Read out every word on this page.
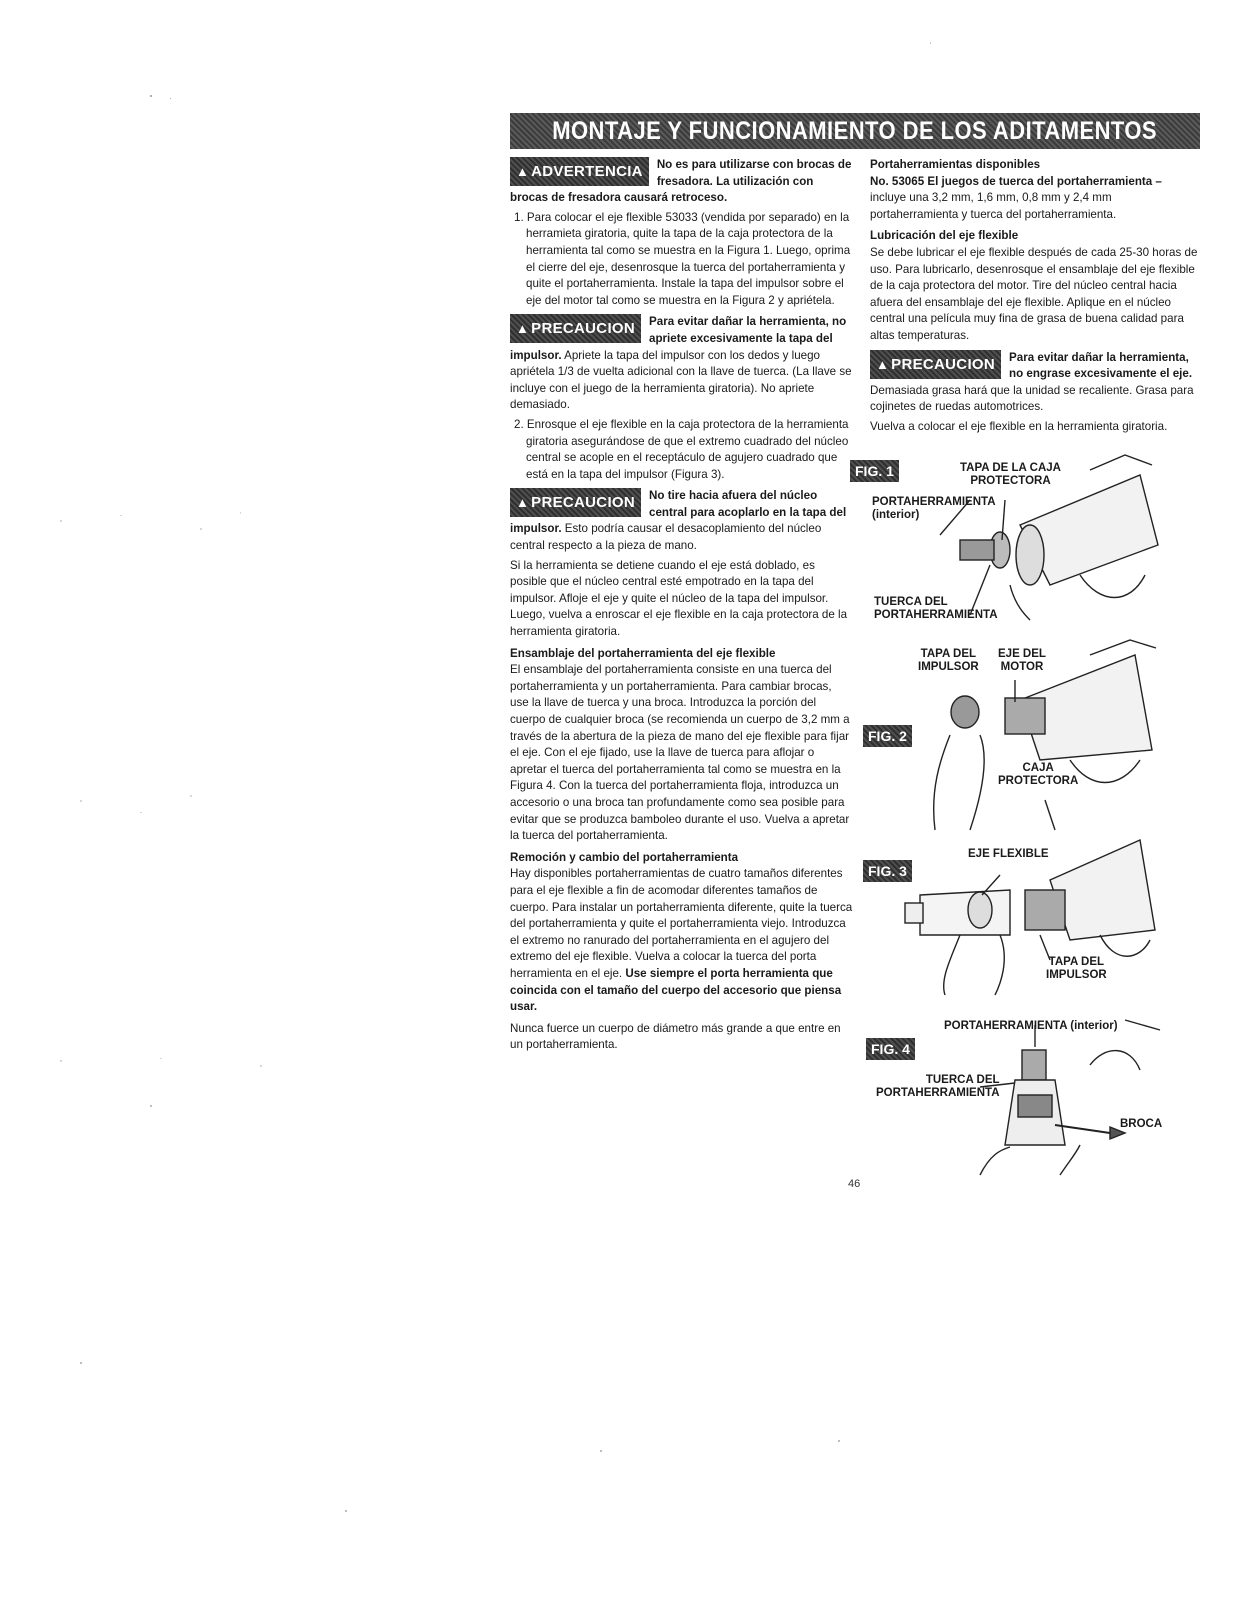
MONTAJE Y FUNCIONAMIENTO DE LOS ADITAMENTOS
▲ ADVERTENCIA	No es para utilizarse con brocas de fresadora. La utilización con brocas de fresadora causará retroceso.
1. Para colocar el eje flexible 53033 (vendida por separado) en la herramieta giratoria, quite la tapa de la caja protectora de la herramienta tal como se muestra en la Figura 1. Luego, oprima el cierre del eje, desenrosque la tuerca del portaherramienta y quite el portaherramienta. Instale la tapa del impulsor sobre el eje del motor tal como se muestra en la Figura 2 y apriétela.
▲ PRECAUCION	Para evitar dañar la herramienta, no apriete excesivamente la tapa del impulsor. Apriete la tapa del impulsor con los dedos y luego apriétela 1/3 de vuelta adicional con la llave de tuerca. (La llave se incluye con el juego de la herramienta giratoria). No apriete demasiado.
2. Enrosque el eje flexible en la caja protectora de la herramienta giratoria asegurándose de que el extremo cuadrado del núcleo central se acople en el receptáculo de agujero cuadrado que está en la tapa del impulsor (Figura 3).
▲ PRECAUCION	No tire hacia afuera del núcleo central para acoplarlo en la tapa del impulsor. Esto podría causar el desacoplamiento del núcleo central respecto a la pieza de mano.

Si la herramienta se detiene cuando el eje está doblado, es posible que el núcleo central esté empotrado en la tapa del impulsor. Afloje el eje y quite el núcleo de la tapa del impulsor. Luego, vuelva a enroscar el eje flexible en la caja protectora de la herramienta giratoria.

Ensamblaje del portaherramienta del eje flexible

El ensamblaje del portaherramienta consiste en una tuerca del portaherramienta y un portaherramienta. Para cambiar brocas, use la llave de tuerca y una broca. Introduzca la porción del cuerpo de cualquier broca (se recomienda un cuerpo de 3,2 mm a través de la abertura de la pieza de mano del eje flexible para fijar el eje. Con el eje fijado, use la llave de tuerca para aflojar o apretar el tuerca del portaherramienta tal como se muestra en la Figura 4. Con la tuerca del portaherramienta floja, introduzca un accesorio o una broca tan profundamente como sea posible para evitar que se produzca bamboleo durante el uso. Vuelva a apretar la tuerca del portaherramienta.

Remoción y cambio del portaherramienta

Hay disponibles portaherramientas de cuatro tamaños diferentes para el eje flexible a fin de acomodar diferentes tamaños de cuerpo. Para instalar un portaherramienta diferente, quite la tuerca del portaherramienta y quite el portaherramienta viejo. Introduzca el extremo no ranurado del portaherramienta en el agujero del extremo del eje flexible. Vuelva a colocar la tuerca del porta herramienta en el eje. Use siempre el porta herramienta que coincida con el tamaño del cuerpo del accesorio que piensa usar.

Nunca fuerce un cuerpo de diámetro más grande a que entre en un portaherramienta.

Portaherramientas disponibles

No. 53065 El juegos de tuerca del portaherramienta – incluye una 3,2 mm, 1,6 mm, 0,8 mm y 2,4 mm portaherramienta y tuerca del portaherramienta.

Lubricación del eje flexible

Se debe lubricar el eje flexible después de cada 25-30 horas de uso. Para lubricarlo, desenrosque el ensamblaje del eje flexible de la caja protectora del motor. Tire del núcleo central hacia afuera del ensamblaje del eje flexible. Aplique en el núcleo central una película muy fina de grasa de buena calidad para altas temperaturas.

▲ PRECAUCION	Para evitar dañar la herramienta, no engrase excesivamente el eje. Demasiada grasa hará que la unidad se recaliente. Grasa para cojinetes de ruedas automotrices.

Vuelva a colocar el eje flexible en la herramienta giratoria.

FIG. 1	TAPA DE LA CAJA
PROTECTORA
PORTAHERRAMIENTA
(interior)
TUERCA DEL
PORTAHERRAMIENTA
FIG. 2
TAPA DEL
IMPULSOR
EJE DEL
MOTOR
CAJA
PROTECTORA
FIG. 3
EJE FLEXIBLE
TAPA DEL
IMPULSOR
FIG. 4
PORTAHERRAMIENTA (interior)
TUERCA DEL
PORTAHERRAMIENTA
BROCA
46
